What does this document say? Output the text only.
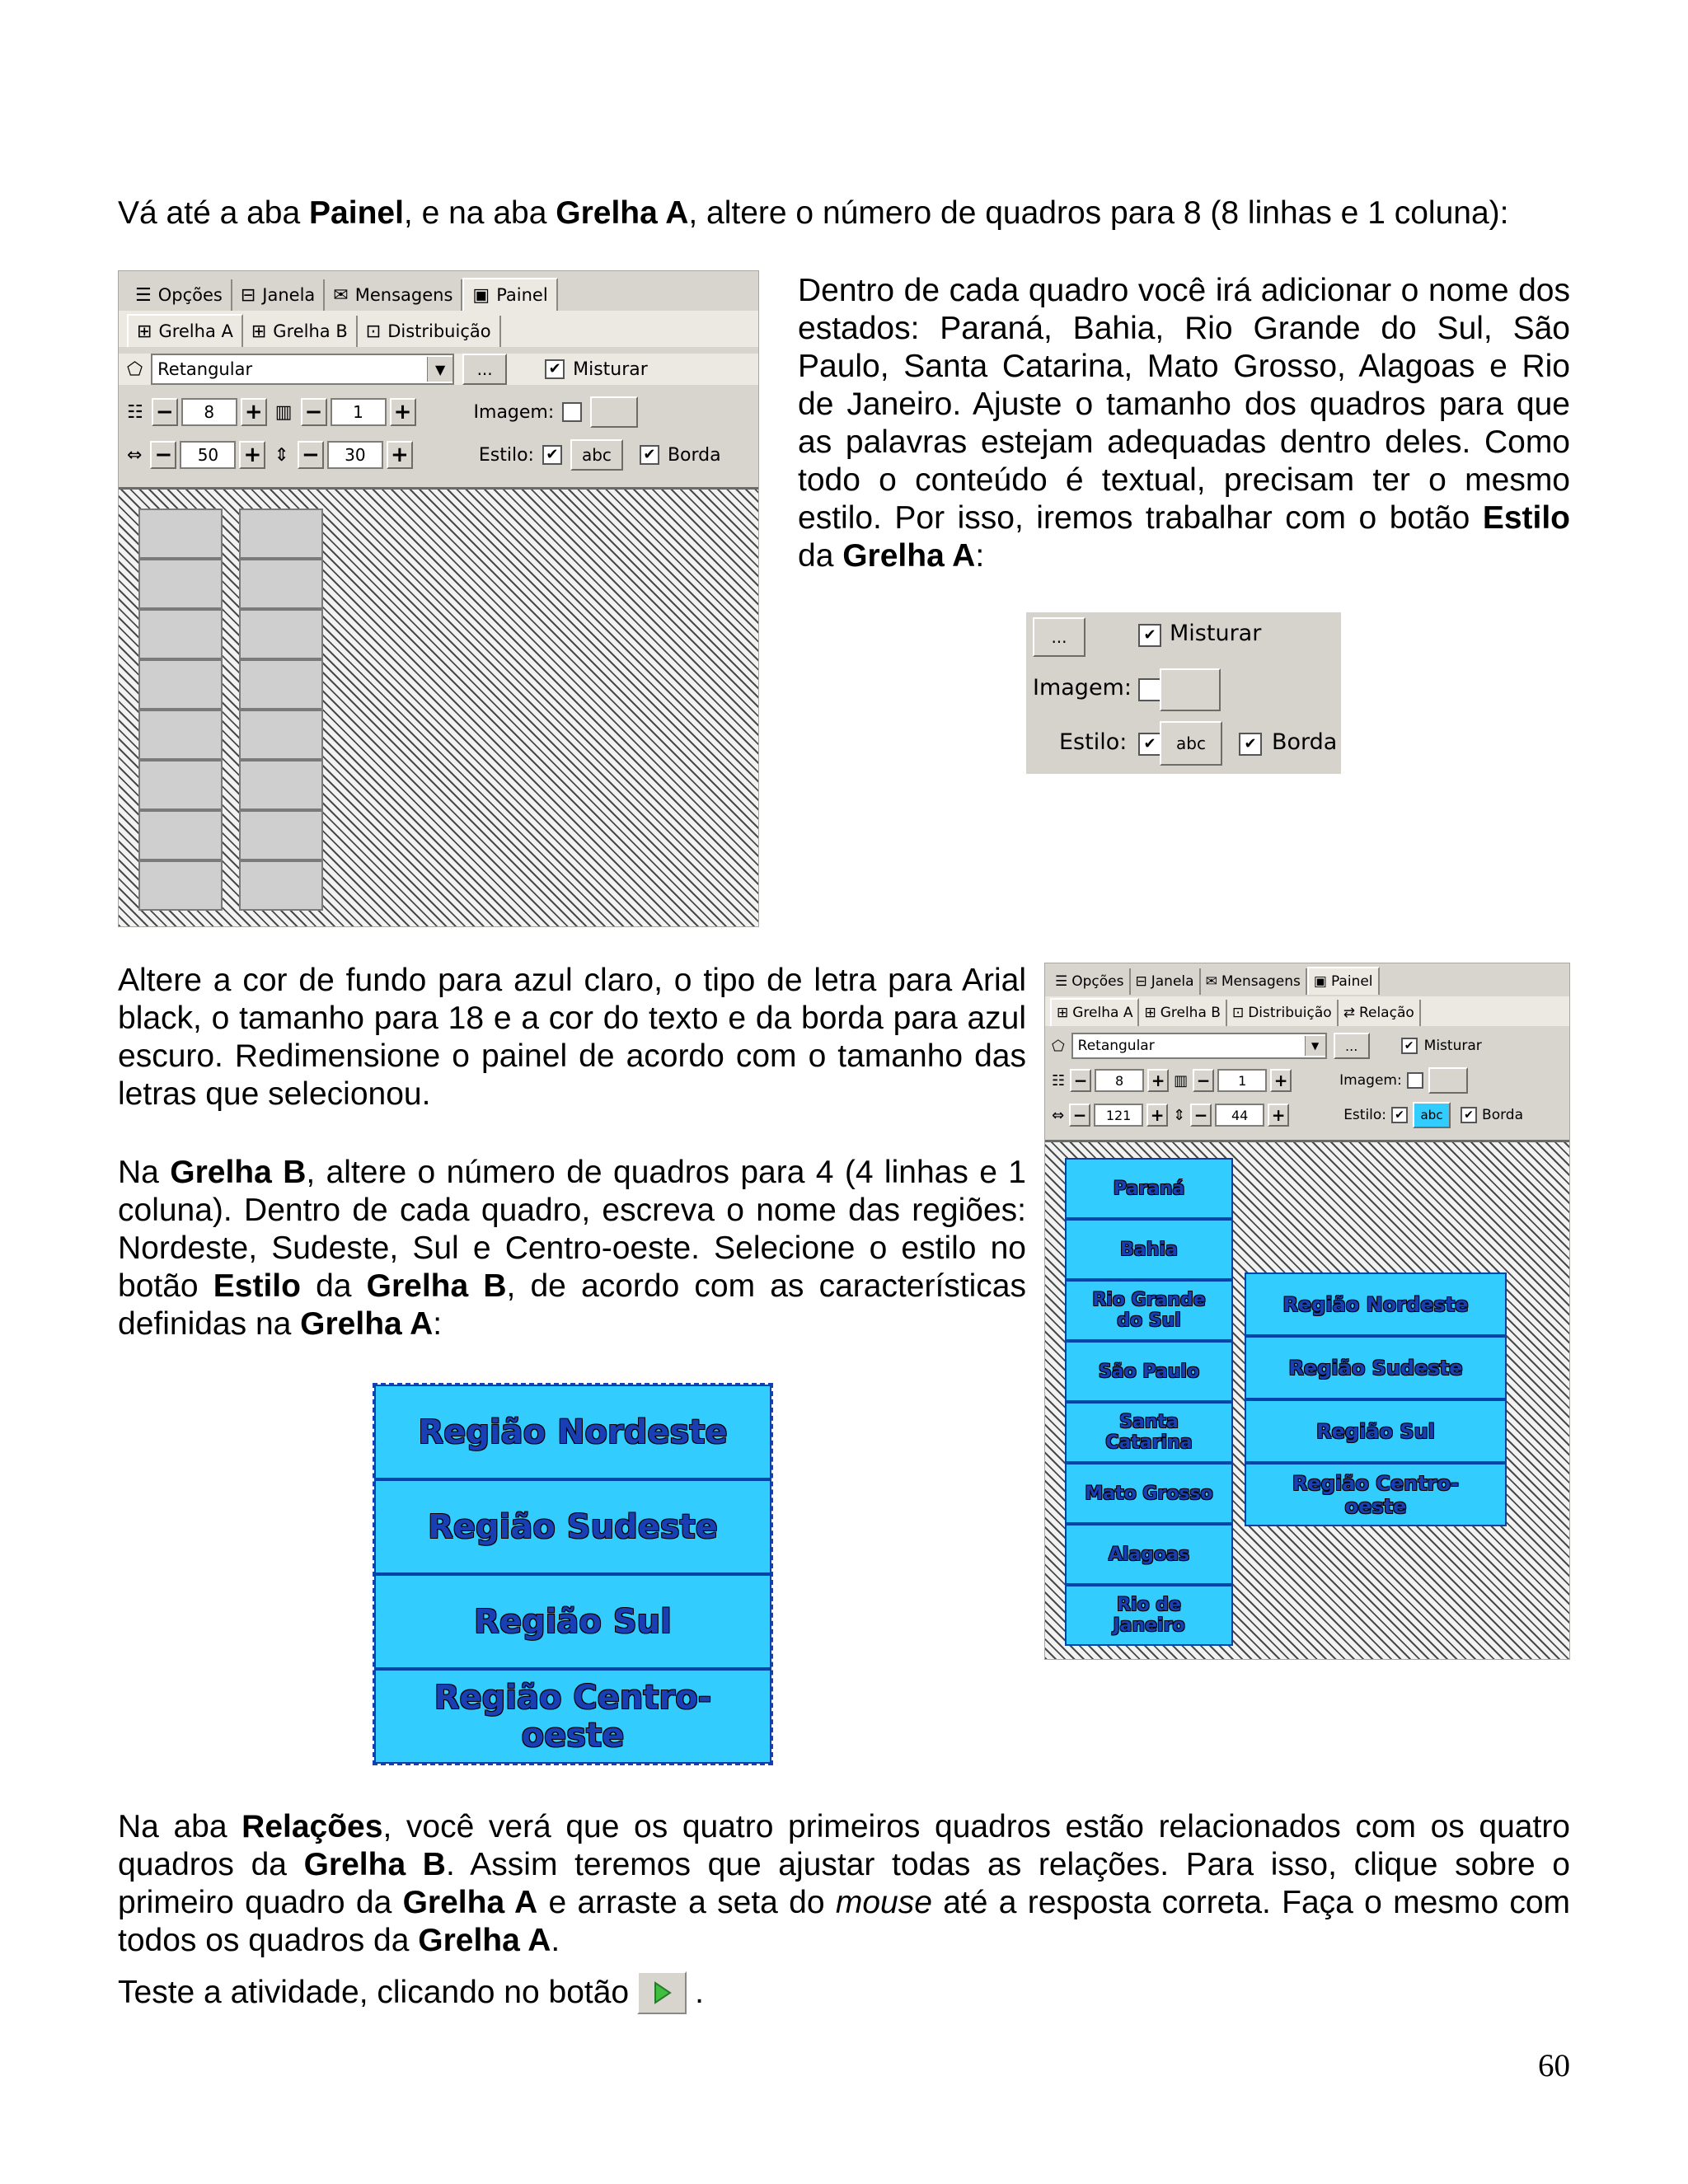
Vá até a aba Painel, e na aba Grelha A, altere o número de quadros para 8 (8 linhas e 1 coluna):
☰ Opções ⊟ Janela ✉ Mensagens ▣ Painel
⊞ Grelha A ⊞ Grelha B ⊡ Distribuição
⬠ Retangular	▼	...	✔ Misturar
☷ −	8	+ ▥ −	1	+	Imagem:
⇔ −	50	+ ⇕ −	30	+	Estilo: ✔ abc ✔ Borda
Dentro de cada quadro você irá adicionar o nome dos estados: Paraná, Bahia, Rio Grande do Sul, São Paulo, Santa Catarina, Mato Grosso, Alagoas e Rio de Janeiro. Ajuste o tamanho dos quadros para que as palavras estejam adequadas dentro deles. Como todo o conteúdo é textual, precisam ter o mesmo estilo. Por isso, iremos trabalhar com o botão Estilo da Grelha A:
...	✔ Misturar
Imagem:
Estilo:	✔	abc	✔ Borda
Altere a cor de fundo para azul claro, o tipo de letra para Arial black, o tamanho para 18 e a cor do texto e da borda para azul escuro. Redimensione o painel de acordo com o tamanho das letras que selecionou.
Na Grelha B, altere o número de quadros para 4 (4 linhas e 1 coluna). Dentro de cada quadro, escreva o nome das regiões: Nordeste, Sudeste, Sul e Centro-oeste. Selecione o estilo no botão Estilo da Grelha B, de acordo com as características definidas na Grelha A:
☰ Opções ⊟ Janela ✉ Mensagens ▣ Painel
⊞ Grelha A ⊞ Grelha B ⊡ Distribuição ⇄ Relação
⬠ Retangular	▼	...	✔ Misturar
☷ −	8	+ ▥ −	1	+	Imagem:
⇔ −	121	+ ⇕ −	44	+	Estilo: ✔ abc ✔ Borda
Paraná
Bahia
Rio Grande do Sul
São Paulo
Santa Catarina
Mato Grosso
Alagoas
Rio de Janeiro
Região Nordeste
Região Sudeste
Região Sul
Região Centro-oeste
Região Nordeste
Região Sudeste
Região Sul
Região Centro-oeste
Na aba Relações, você verá que os quatro primeiros quadros estão relacionados com os quatro quadros da Grelha B. Assim teremos que ajustar todas as relações. Para isso, clique sobre o primeiro quadro da Grelha A e arraste a seta do mouse até a resposta correta. Faça o mesmo com todos os quadros da Grelha A.
Teste a atividade, clicando no botão .
60
